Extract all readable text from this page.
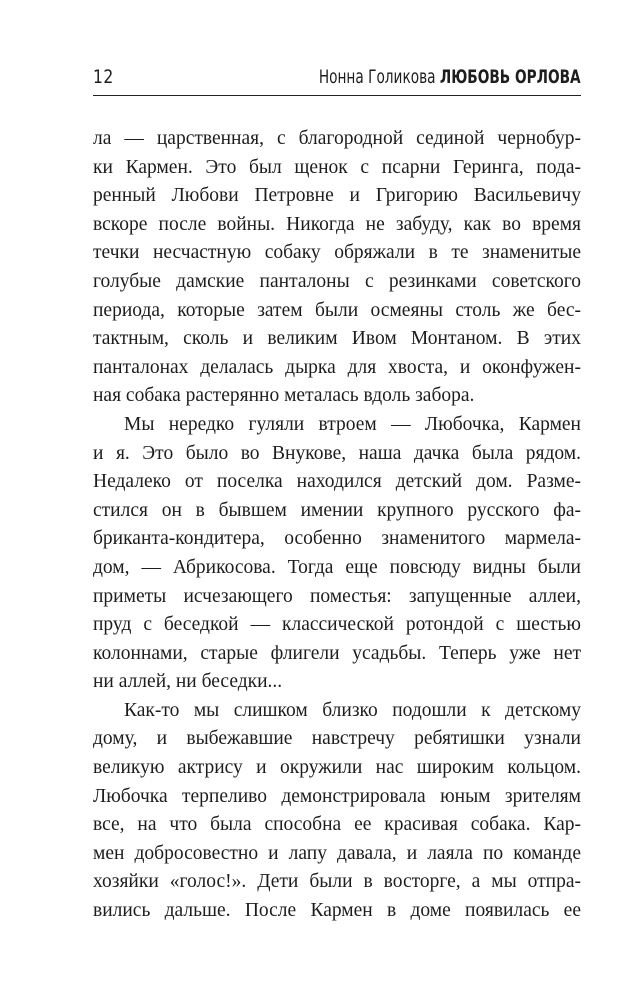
12	Нонна Голикова ЛЮБОВЬ ОРЛОВА
ла — царственная, с благородной сединой чернобур-
ки Кармен. Это был щенок с псарни Геринга, пода-
ренный Любови Петровне и Григорию Васильевичу
вскоре после войны. Никогда не забуду, как во время
течки несчастную собаку обряжали в те знаменитые
голубые дамские панталоны с резинками советского
периода, которые затем были осмеяны столь же бес-
тактным, сколь и великим Ивом Монтаном. В этих
панталонах делалась дырка для хвоста, и оконфужен-
ная собака растерянно металась вдоль забора.
Мы нередко гуляли втроем — Любочка, Кармен
и я. Это было во Внукове, наша дачка была рядом.
Недалеко от поселка находился детский дом. Разме-
стился он в бывшем имении крупного русского фа-
бриканта-кондитера, особенно знаменитого мармела-
дом, — Абрикосова. Тогда еще повсюду видны были
приметы исчезающего поместья: запущенные аллеи,
пруд с беседкой — классической ротондой с шестью
колоннами, старые флигели усадьбы. Теперь уже нет
ни аллей, ни беседки...
Как-то мы слишком близко подошли к детскому
дому, и выбежавшие навстречу ребятишки узнали
великую актрису и окружили нас широким кольцом.
Любочка терпеливо демонстрировала юным зрителям
все, на что была способна ее красивая собака. Кар-
мен добросовестно и лапу давала, и лаяла по команде
хозяйки «голос!». Дети были в восторге, а мы отпра-
вились дальше. После Кармен в доме появилась ее
